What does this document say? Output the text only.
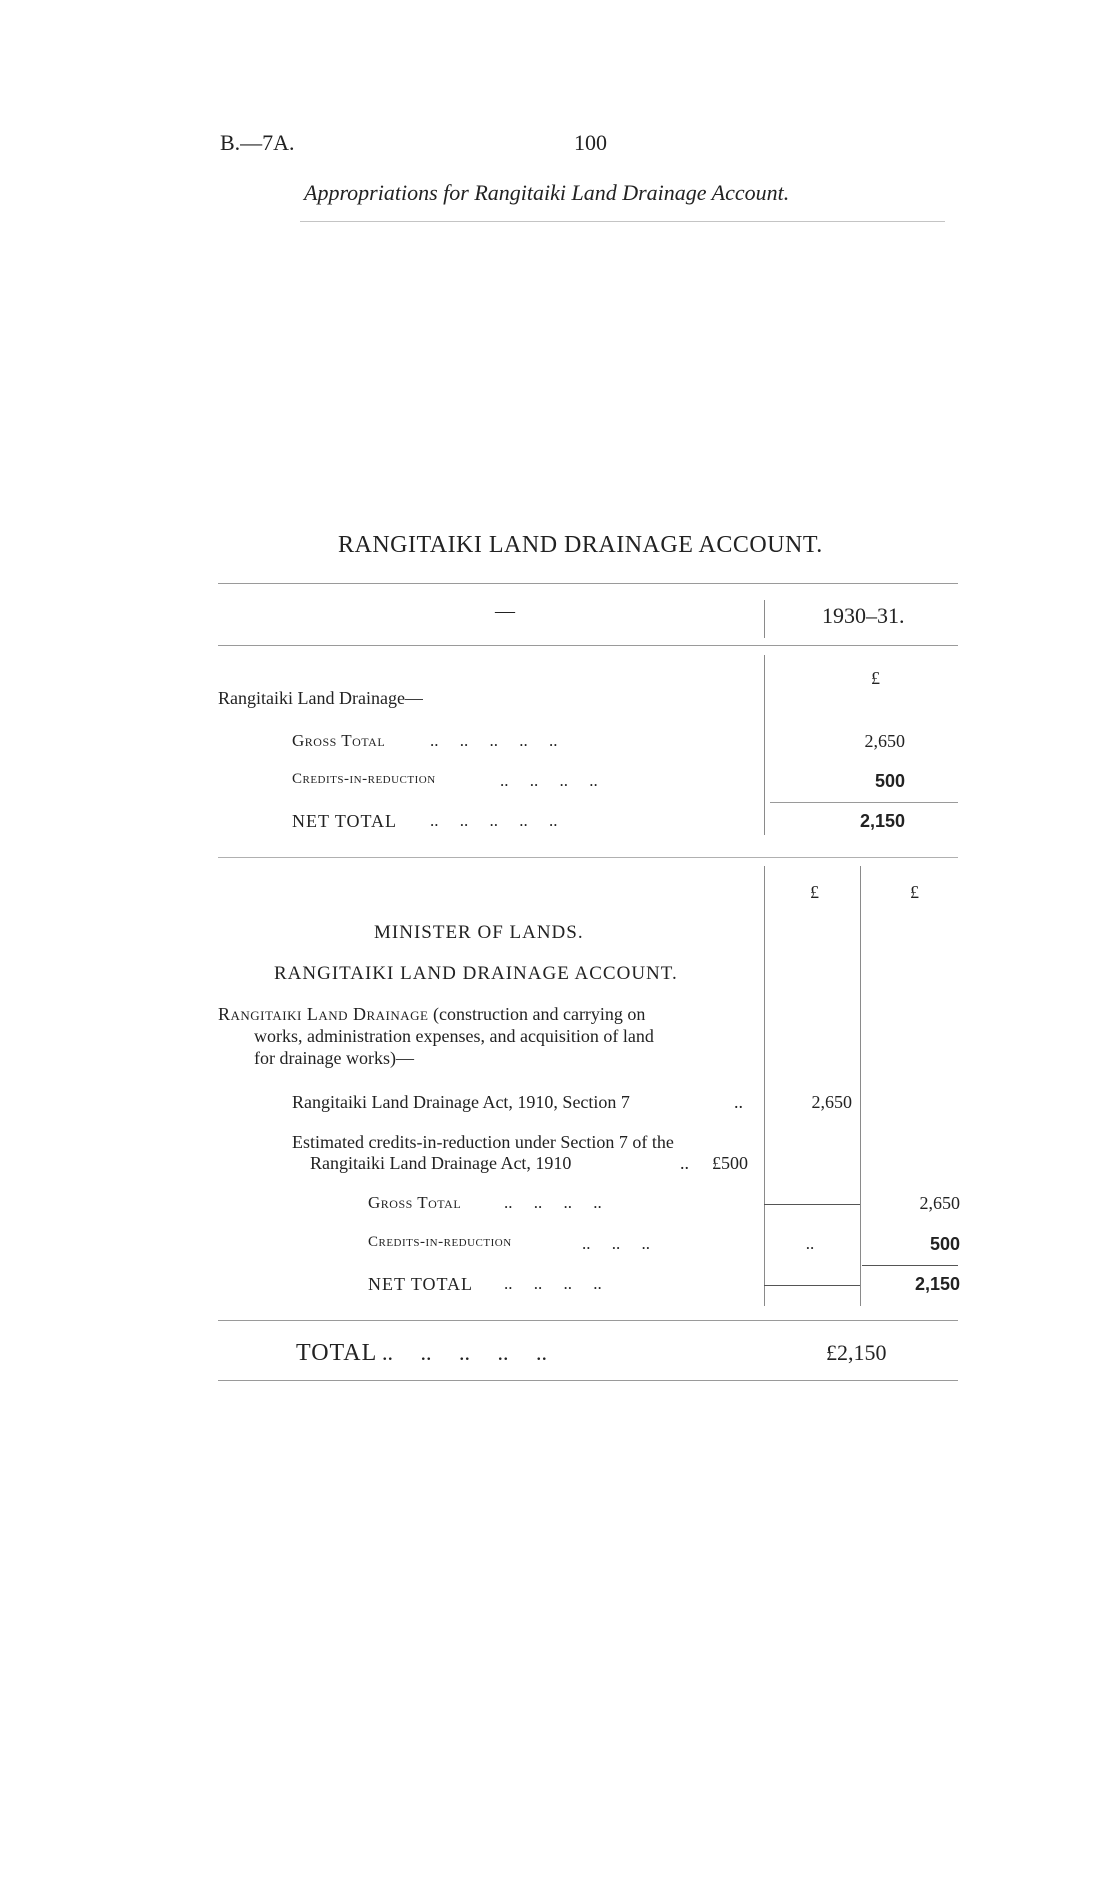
B.—7A.	100
Appropriations for Rangitaiki Land Drainage Account.
RANGITAIKI LAND DRAINAGE ACCOUNT.
—	1930–31.
£
Rangitaiki Land Drainage—
Gross Total	..     ..     ..     ..     ..	2,650
Credits-in-reduction	..     ..     ..     ..	500
NET TOTAL ..     ..     ..     ..     ..	2,150
£	£
MINISTER OF LANDS.
RANGITAIKI LAND DRAINAGE ACCOUNT.
Rangitaiki Land Drainage (construction and carrying on
works, administration expenses, and acquisition of land
for drainage works)—
Rangitaiki Land Drainage Act, 1910, Section 7	..	2,650
Estimated credits-in-reduction under Section 7 of the
Rangitaiki Land Drainage Act, 1910	.. £500
Gross Total	..     ..     ..     ..	2,650
Credits-in-reduction	..     ..     ..	..	500
NET TOTAL ..     ..     ..     ..	2,150
TOTAL ..     ..     ..     ..     ..	£2,150
